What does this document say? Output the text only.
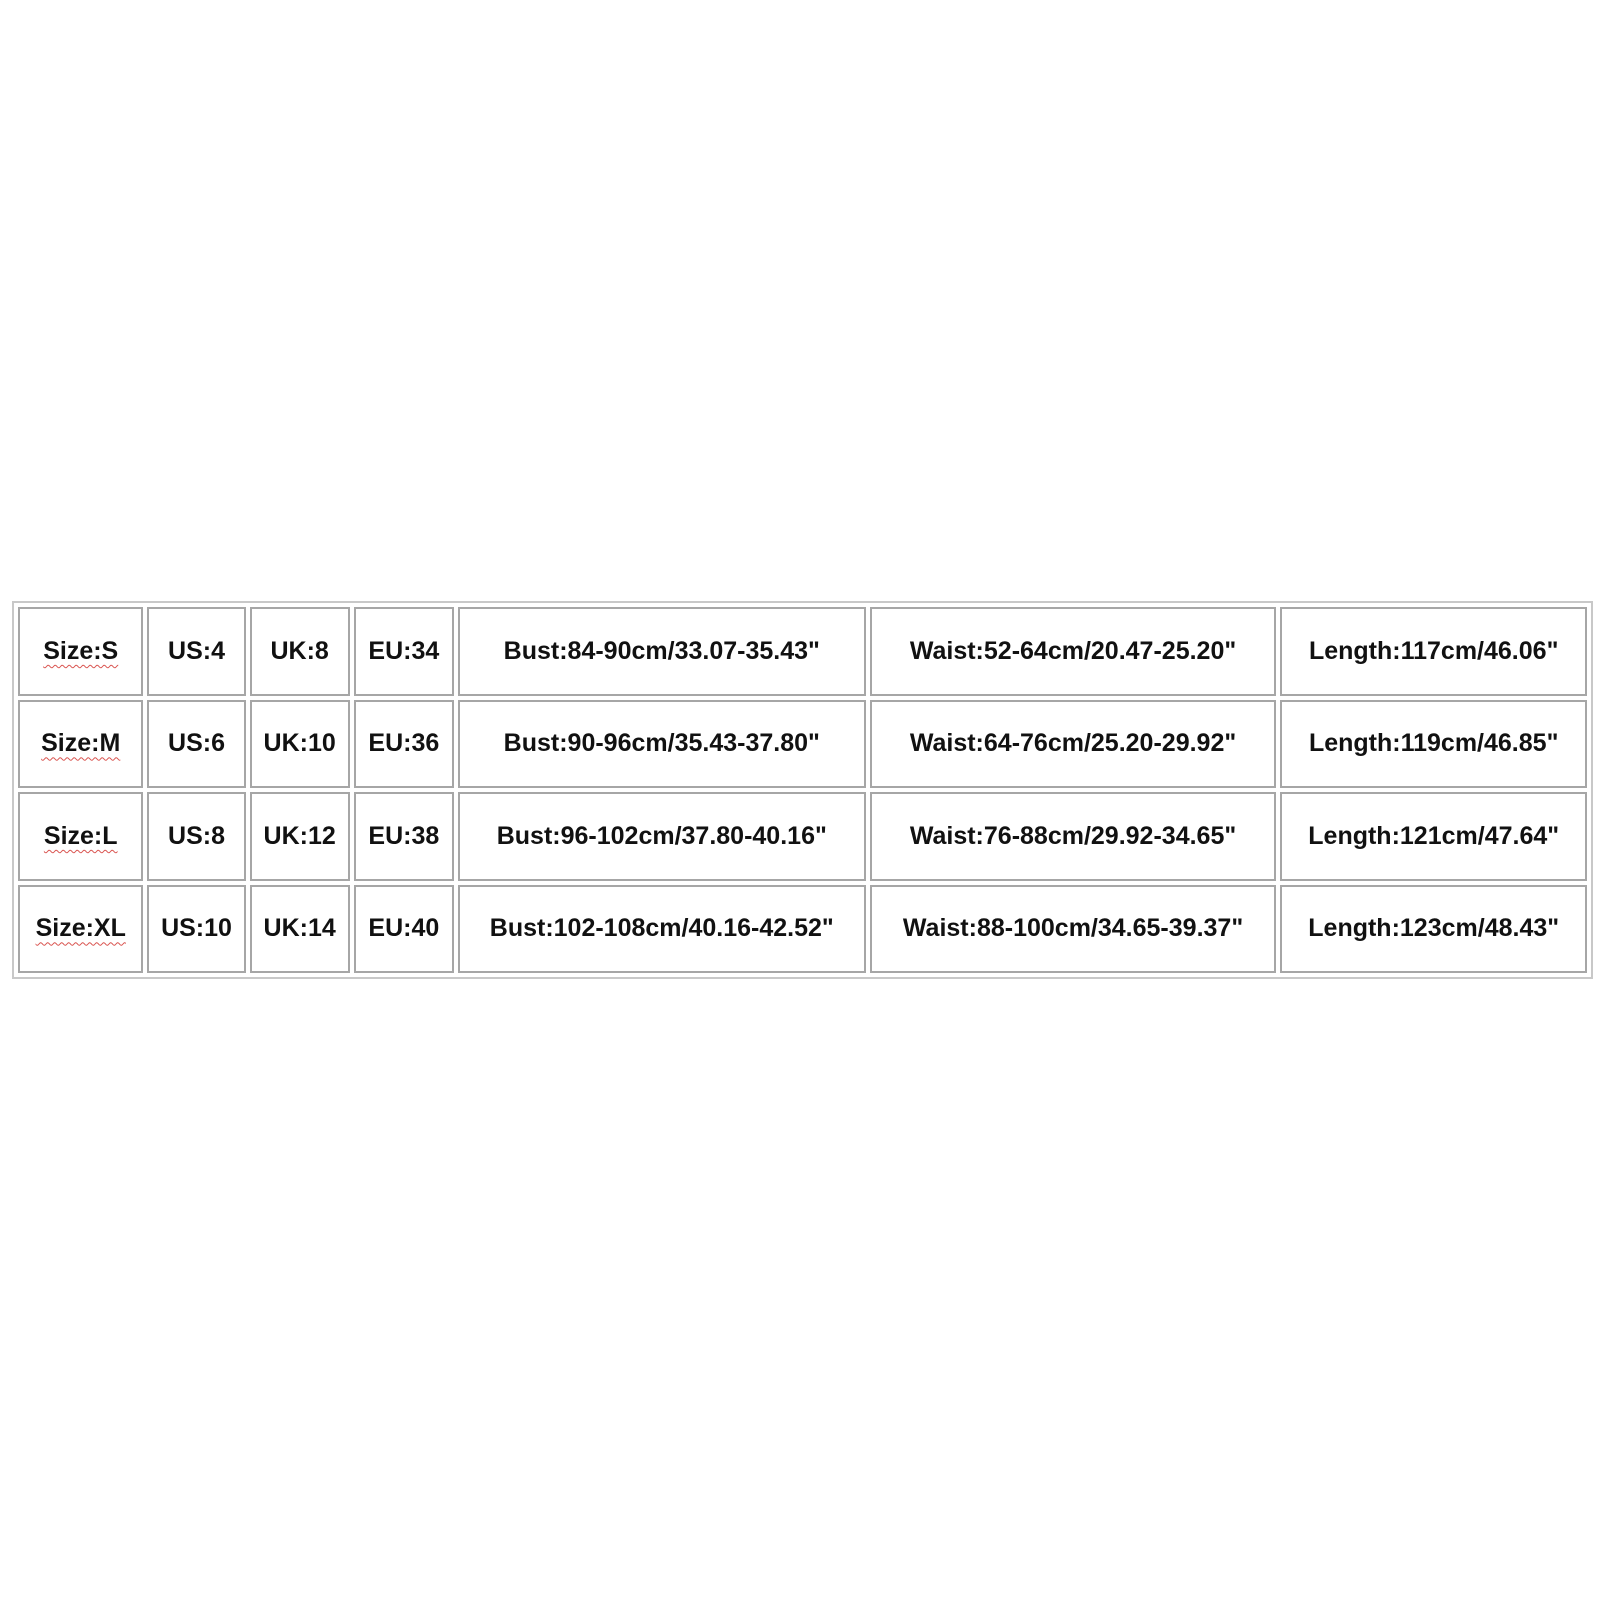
Size:S	US:4	UK:8	EU:34	Bust:84-90cm/33.07-35.43"	Waist:52-64cm/20.47-25.20"	Length:117cm/46.06"
Size:M	US:6	UK:10	EU:36	Bust:90-96cm/35.43-37.80"	Waist:64-76cm/25.20-29.92"	Length:119cm/46.85"
Size:L	US:8	UK:12	EU:38	Bust:96-102cm/37.80-40.16"	Waist:76-88cm/29.92-34.65"	Length:121cm/47.64"
Size:XL	US:10	UK:14	EU:40	Bust:102-108cm/40.16-42.52"	Waist:88-100cm/34.65-39.37"	Length:123cm/48.43"
